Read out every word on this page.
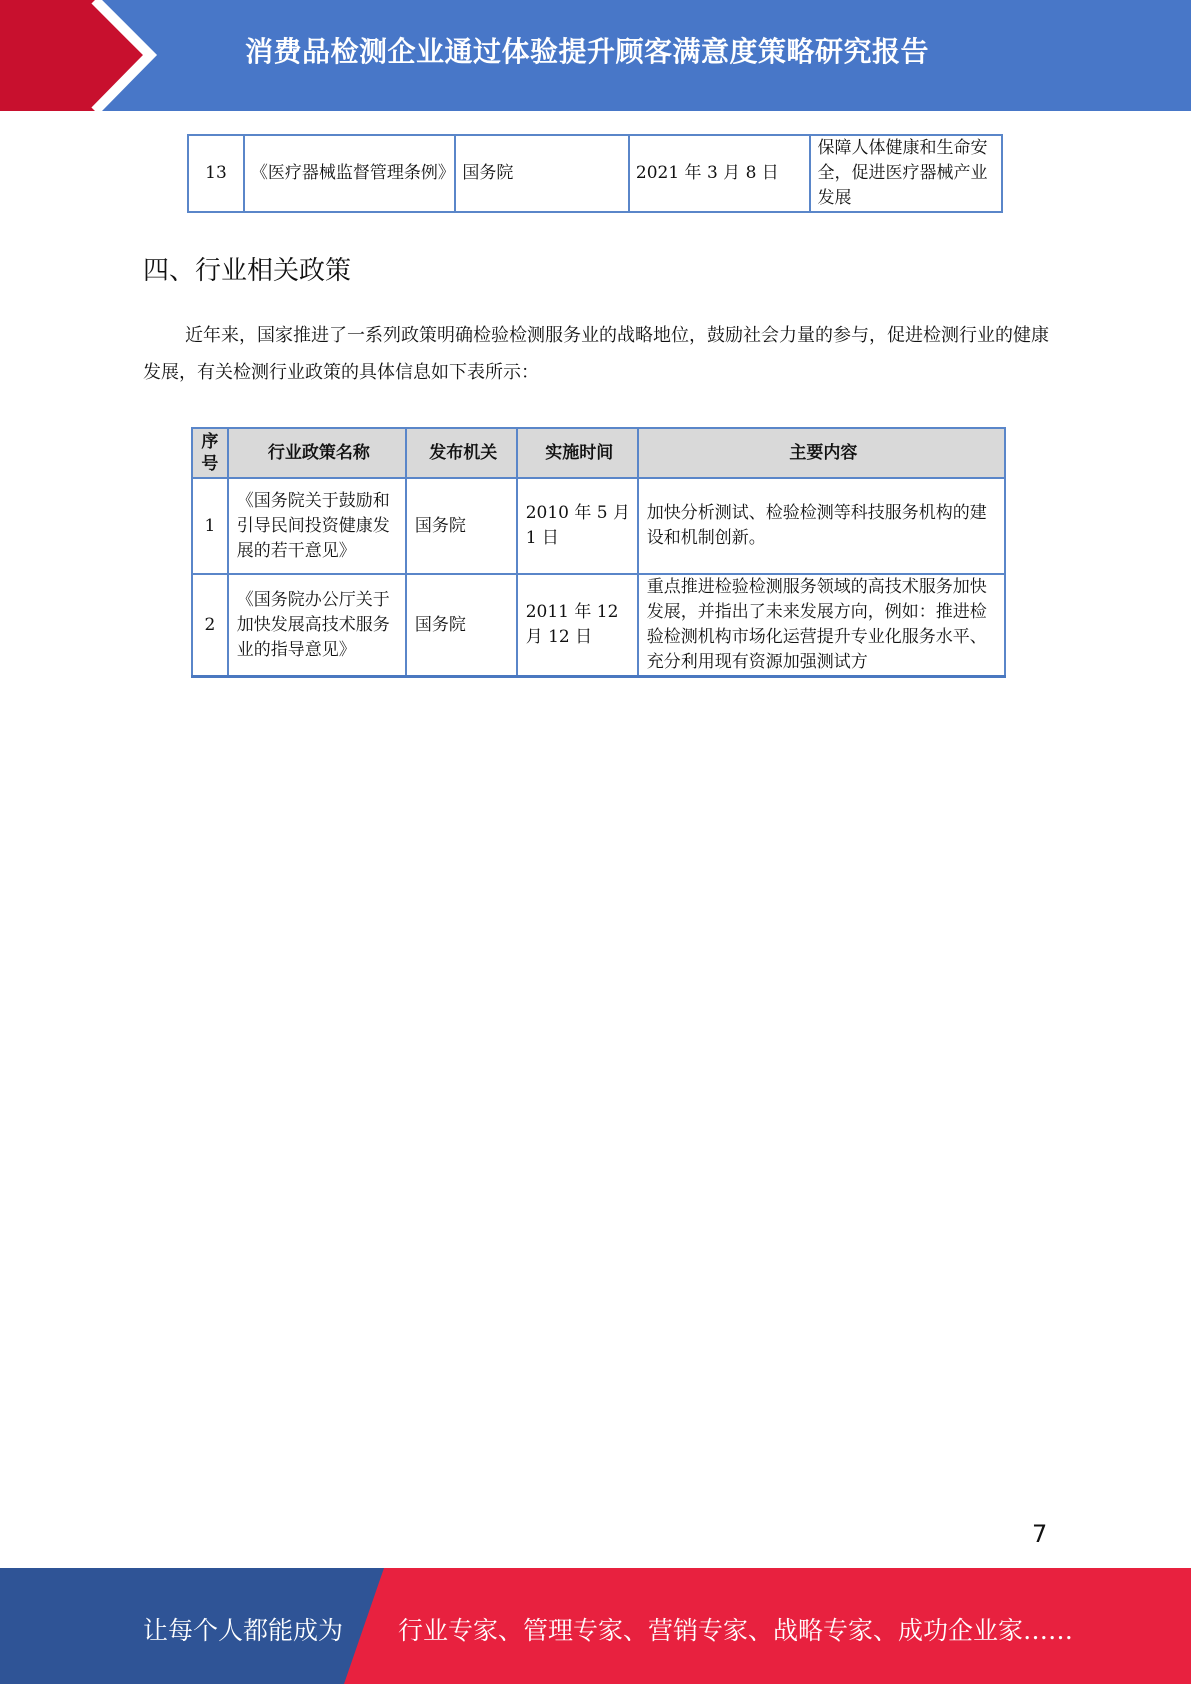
消费品检测企业通过体验提升顾客满意度策略研究报告
13	《医疗器械监督管理条例》	国务院	2021 年 3 月 8 日	保障人体健康和生命安全，促进医疗器械产业发展
四、行业相关政策

近年来，国家推进了一系列政策明确检验检测服务业的战略地位，鼓励社会力量的参与，促进检测行业的健康发展，有关检测行业政策的具体信息如下表所示：

序号	行业政策名称	发布机关	实施时间	主要内容
1	《国务院关于鼓励和引导民间投资健康发展的若干意见》	国务院	2010 年 5 月 1 日	加快分析测试、检验检测等科技服务机构的建设和机制创新。
2	《国务院办公厅关于加快发展高技术服务业的指导意见》	国务院	2011 年 12 月 12 日	重点推进检验检测服务领域的高技术服务加快发展，并指出了未来发展方向，例如：推进检验检测机构市场化运营提升专业化服务水平、充分利用现有资源加强测试方
7
让每个人都能成为 行业专家、管理专家、营销专家、战略专家、成功企业家……
